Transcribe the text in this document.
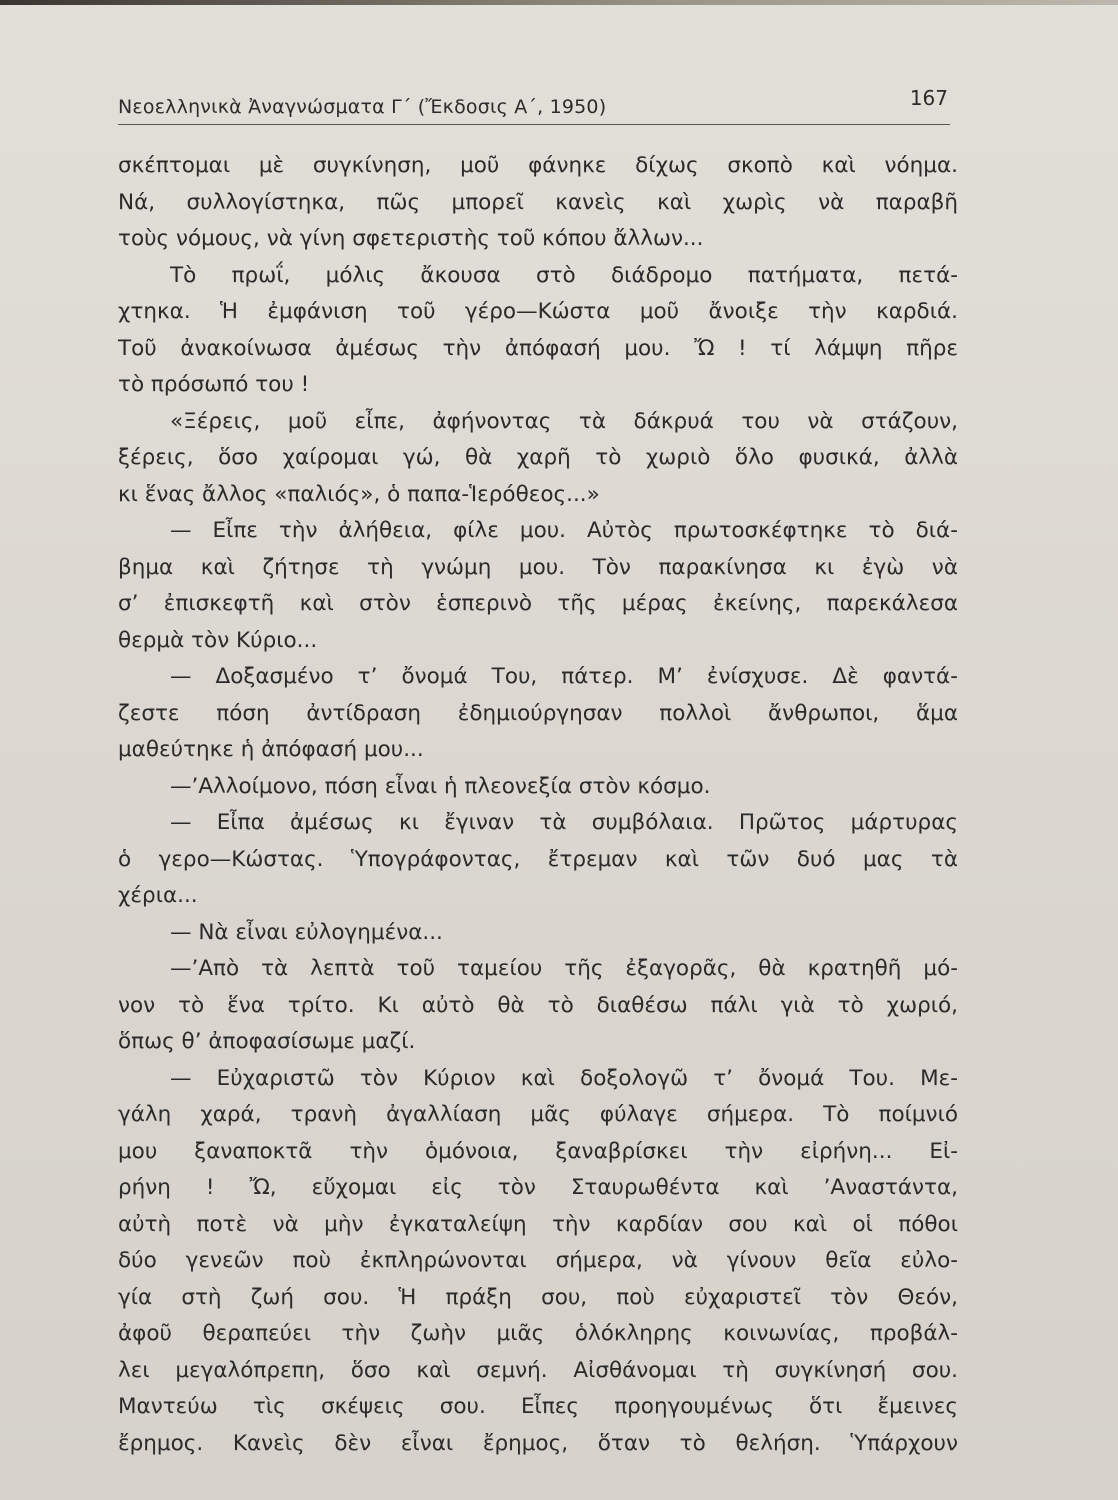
Νεοελληνικὰ Ἀναγνώσματα Γ΄ (Ἔκδοσις Α΄, 1950)	167
σκέπτομαι μὲ συγκίνηση, μοῦ φάνηκε δίχως σκοπὸ καὶ νόημα.
Νά, συλλογίστηκα, πῶς μπορεῖ κανεὶς καὶ χωρὶς νὰ παραβῆ
τοὺς νόμους, νὰ γίνη σφετεριστὴς τοῦ κόπου ἄλλων...
Τὸ πρωΐ, μόλις ἄκουσα στὸ διάδρομο πατήματα, πετά-
χτηκα. Ἡ ἐμφάνιση τοῦ γέρο—Κώστα μοῦ ἄνοιξε τὴν καρδιά.
Τοῦ ἀνακοίνωσα ἀμέσως τὴν ἀπόφασή μου. Ὤ ! τί λάμψη πῆρε
τὸ πρόσωπό του !
«Ξέρεις, μοῦ εἶπε, ἀφήνοντας τὰ δάκρυά του νὰ στάζουν,
ξέρεις, ὅσο χαίρομαι γώ, θὰ χαρῆ τὸ χωριὸ ὅλο φυσικά, ἀλλὰ
κι ἕνας ἄλλος «παλιός», ὁ παπα-Ἱερόθεος...»
— Εἶπε τὴν ἀλήθεια, φίλε μου. Αὐτὸς πρωτοσκέφτηκε τὸ διά-
βημα καὶ ζήτησε τὴ γνώμη μου. Τὸν παρακίνησα κι ἐγὼ νὰ
σ’ ἐπισκεφτῆ καὶ στὸν ἑσπερινὸ τῆς μέρας ἐκείνης, παρεκάλεσα
θερμὰ τὸν Κύριο...
— Δοξασμένο τ’ ὄνομά Του, πάτερ. Μ’ ἐνίσχυσε. Δὲ φαντά-
ζεστε πόση ἀντίδραση ἐδημιούργησαν πολλοὶ ἄνθρωποι, ἅμα
μαθεύτηκε ἡ ἀπόφασή μου...
—’Αλλοίμονο, πόση εἶναι ἡ πλεονεξία στὸν κόσμο.
— Εἶπα ἀμέσως κι ἔγιναν τὰ συμβόλαια. Πρῶτος μάρτυρας
ὁ γερο—Κώστας. Ὑπογράφοντας, ἔτρεμαν καὶ τῶν δυό μας τὰ
χέρια...
— Νὰ εἶναι εὐλογημένα...
—’Απὸ τὰ λεπτὰ τοῦ ταμείου τῆς ἐξαγορᾶς, θὰ κρατηθῆ μό-
νον τὸ ἕνα τρίτο. Κι αὐτὸ θὰ τὸ διαθέσω πάλι γιὰ τὸ χωριό,
ὅπως θ’ ἀποφασίσωμε μαζί.
— Εὐχαριστῶ τὸν Κύριον καὶ δοξολογῶ τ’ ὄνομά Του. Με-
γάλη χαρά, τρανὴ ἀγαλλίαση μᾶς φύλαγε σήμερα. Τὸ ποίμνιό
μου ξαναποκτᾶ τὴν ὁμόνοια, ξαναβρίσκει τὴν εἰρήνη... Εἰ-
ρήνη ! Ὤ, εὔχομαι εἰς τὸν Σταυρωθέντα καὶ ’Αναστάντα,
αὐτὴ ποτὲ νὰ μὴν ἐγκαταλείψη τὴν καρδίαν σου καὶ οἱ πόθοι
δύο γενεῶν ποὺ ἐκπληρώνονται σήμερα, νὰ γίνουν θεῖα εὐλο-
γία στὴ ζωή σου. Ἡ πράξη σου, ποὺ εὐχαριστεῖ τὸν Θεόν,
ἀφοῦ θεραπεύει τὴν ζωὴν μιᾶς ὁλόκληρης κοινωνίας, προβάλ-
λει μεγαλόπρεπη, ὅσο καὶ σεμνή. Αἰσθάνομαι τὴ συγκίνησή σου.
Μαντεύω τὶς σκέψεις σου. Εἶπες προηγουμένως ὅτι ἔμεινες
ἔρημος. Κανεὶς δὲν εἶναι ἔρημος, ὅταν τὸ θελήση. Ὑπάρχουν
